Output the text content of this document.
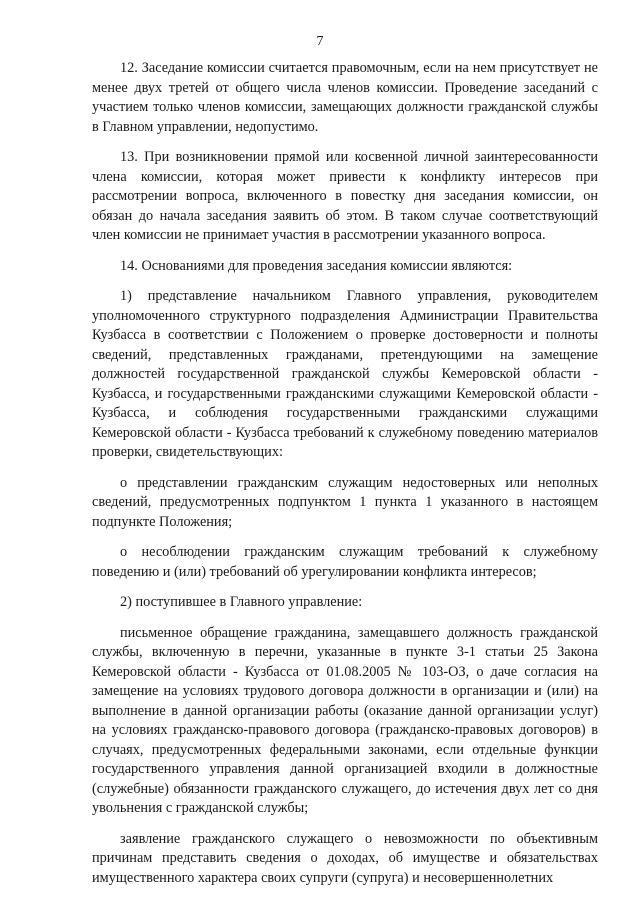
7

12. Заседание комиссии считается правомочным, если на нем присутствует не менее двух третей от общего числа членов комиссии. Проведение заседаний с участием только членов комиссии, замещающих должности гражданской службы в Главном управлении, недопустимо.

13. При возникновении прямой или косвенной личной заинтересованности члена комиссии, которая может привести к конфликту интересов при рассмотрении вопроса, включенного в повестку дня заседания комиссии, он обязан до начала заседания заявить об этом. В таком случае соответствующий член комиссии не принимает участия в рассмотрении указанного вопроса.

14. Основаниями для проведения заседания комиссии являются:

1) представление начальником Главного управления, руководителем уполномоченного структурного подразделения Администрации Правительства Кузбасса в соответствии с Положением о проверке достоверности и полноты сведений, представленных гражданами, претендующими на замещение должностей государственной гражданской службы Кемеровской области - Кузбасса, и государственными гражданскими служащими Кемеровской области - Кузбасса, и соблюдения государственными гражданскими служащими Кемеровской области - Кузбасса требований к служебному поведению материалов проверки, свидетельствующих:

о представлении гражданским служащим недостоверных или неполных сведений, предусмотренных подпунктом 1 пункта 1 указанного в настоящем подпункте Положения;

о несоблюдении гражданским служащим требований к служебному поведению и (или) требований об урегулировании конфликта интересов;

2) поступившее в Главного управление:

письменное обращение гражданина, замещавшего должность гражданской службы, включенную в перечни, указанные в пункте 3-1 статьи 25 Закона Кемеровской области - Кузбасса от 01.08.2005 № 103-ОЗ, о даче согласия на замещение на условиях трудового договора должности в организации и (или) на выполнение в данной организации работы (оказание данной организации услуг) на условиях гражданско-правового договора (гражданско-правовых договоров) в случаях, предусмотренных федеральными законами, если отдельные функции государственного управления данной организацией входили в должностные (служебные) обязанности гражданского служащего, до истечения двух лет со дня увольнения с гражданской службы;

заявление гражданского служащего о невозможности по объективным причинам представить сведения о доходах, об имуществе и обязательствах имущественного характера своих супруги (супруга) и несовершеннолетних
